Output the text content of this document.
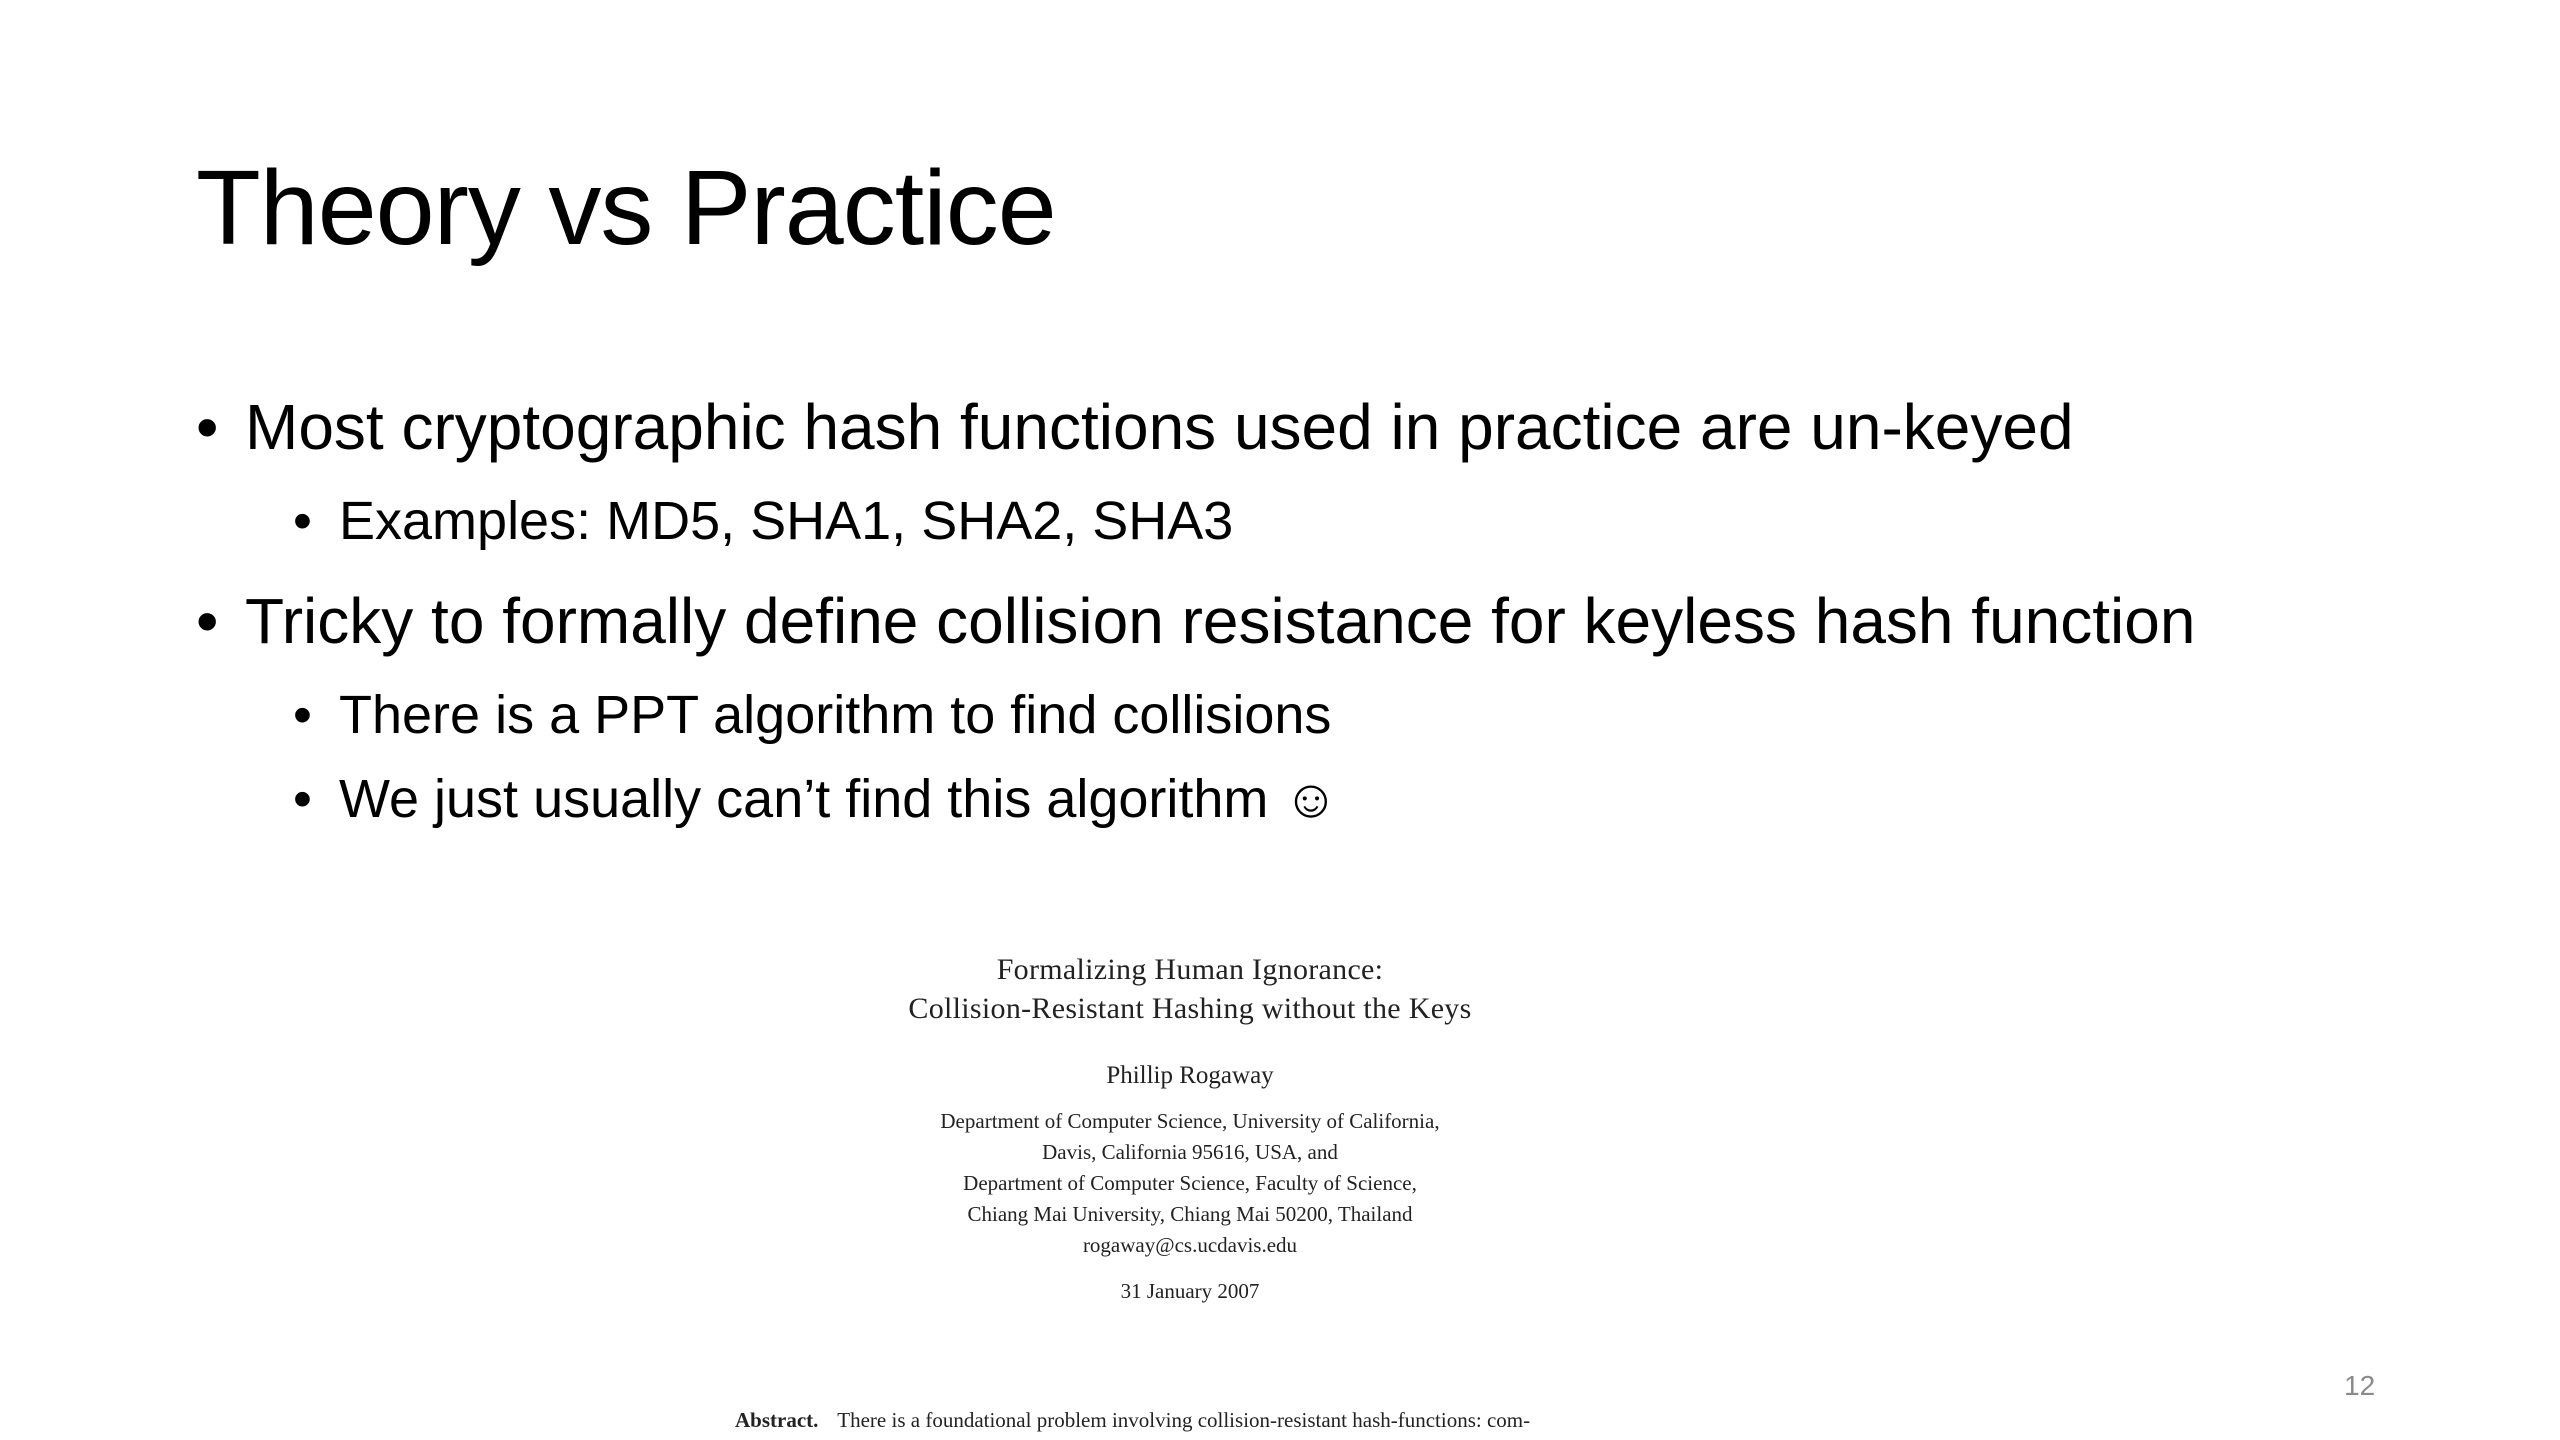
Theory vs Practice
• Most cryptographic hash functions used in practice are un-keyed
• Examples: MD5, SHA1, SHA2, SHA3
• Tricky to formally define collision resistance for keyless hash function
• There is a PPT algorithm to find collisions
• We just usually can’t find this algorithm ☺
Formalizing Human Ignorance:
Collision-Resistant Hashing without the Keys
Phillip Rogaway
Department of Computer Science, University of California,
Davis, California 95616, USA, and
Department of Computer Science, Faculty of Science,
Chiang Mai University, Chiang Mai 50200, Thailand
rogaway@cs.ucdavis.edu
31 January 2007
Abstract. There is a foundational problem involving collision-resistant hash-functions: com-
12
